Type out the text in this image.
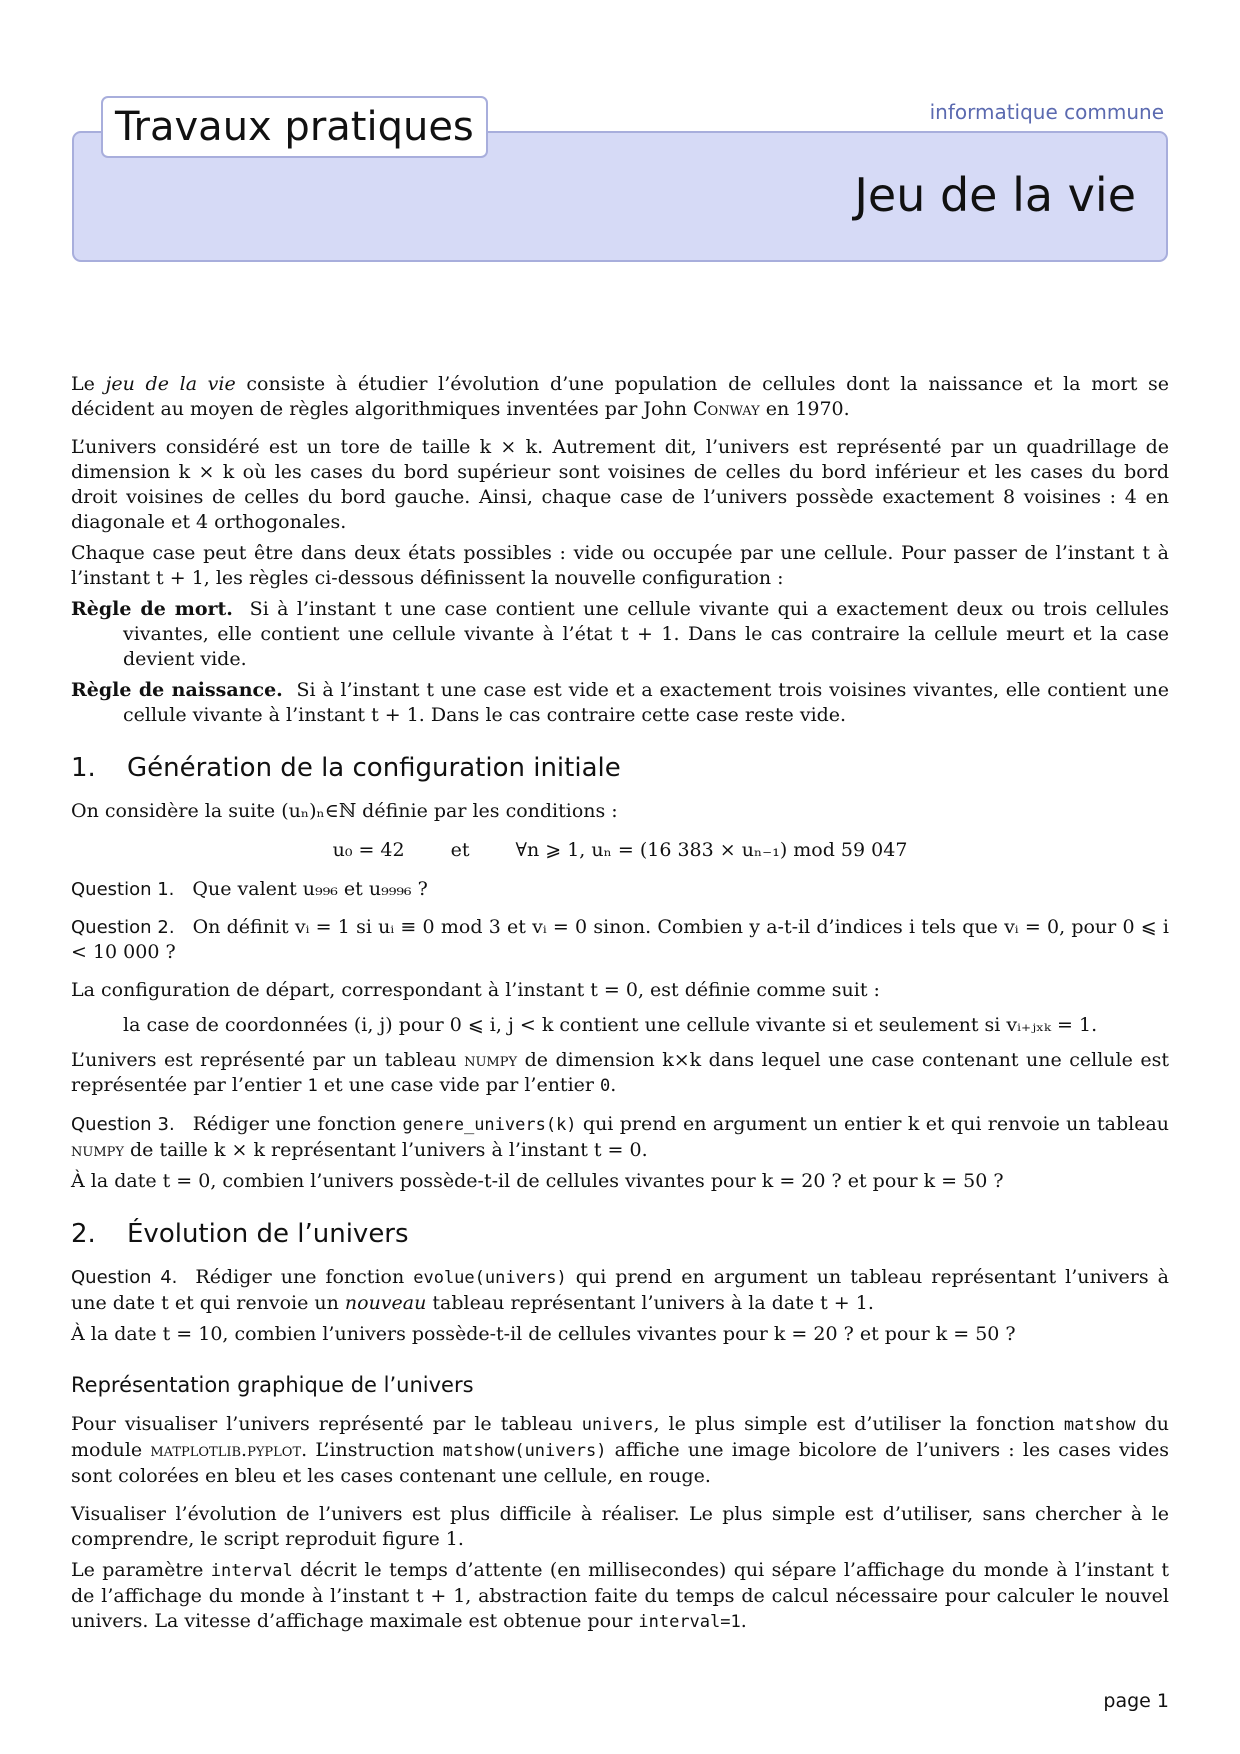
Travaux pratiques	informatique commune
Jeu de la vie

Le jeu de la vie consiste à étudier l’évolution d’une population de cellules dont la naissance et la mort se décident au moyen de règles algorithmiques inventées par John Conway en 1970.

L’univers considéré est un tore de taille k × k. Autrement dit, l’univers est représenté par un quadrillage de dimension k × k où les cases du bord supérieur sont voisines de celles du bord inférieur et les cases du bord droit voisines de celles du bord gauche. Ainsi, chaque case de l’univers possède exactement 8 voisines : 4 en diagonale et 4 orthogonales.

Chaque case peut être dans deux états possibles : vide ou occupée par une cellule. Pour passer de l’instant t à l’instant t + 1, les règles ci-dessous définissent la nouvelle configuration :

Règle de mort. Si à l’instant t une case contient une cellule vivante qui a exactement deux ou trois cellules vivantes, elle contient une cellule vivante à l’état t + 1. Dans le cas contraire la cellule meurt et la case devient vide.

Règle de naissance. Si à l’instant t une case est vide et a exactement trois voisines vivantes, elle contient une cellule vivante à l’instant t + 1. Dans le cas contraire cette case reste vide.

1. Génération de la configuration initiale

On considère la suite (uₙ)ₙ∈ℕ définie par les conditions :

u₀ = 42 et ∀n ⩾ 1, uₙ = (16 383 × uₙ₋₁) mod 59 047

Question 1. Que valent u₉₉₆ et u₉₉₉₆ ?

Question 2. On définit vᵢ = 1 si uᵢ ≡ 0 mod 3 et vᵢ = 0 sinon. Combien y a-t-il d’indices i tels que vᵢ = 0, pour 0 ⩽ i < 10 000 ?

La configuration de départ, correspondant à l’instant t = 0, est définie comme suit :

la case de coordonnées (i, j) pour 0 ⩽ i, j < k contient une cellule vivante si et seulement si vᵢ₊ⱼₓₖ = 1.

L’univers est représenté par un tableau numpy de dimension k×k dans lequel une case contenant une cellule est représentée par l’entier 1 et une case vide par l’entier 0.

Question 3. Rédiger une fonction genere_univers(k) qui prend en argument un entier k et qui renvoie un tableau numpy de taille k × k représentant l’univers à l’instant t = 0.

À la date t = 0, combien l’univers possède-t-il de cellules vivantes pour k = 20 ? et pour k = 50 ?

2. Évolution de l’univers

Question 4. Rédiger une fonction evolue(univers) qui prend en argument un tableau représentant l’univers à une date t et qui renvoie un nouveau tableau représentant l’univers à la date t + 1.

À la date t = 10, combien l’univers possède-t-il de cellules vivantes pour k = 20 ? et pour k = 50 ?

Représentation graphique de l’univers

Pour visualiser l’univers représenté par le tableau univers, le plus simple est d’utiliser la fonction matshow du module matplotlib.pyplot. L’instruction matshow(univers) affiche une image bicolore de l’univers : les cases vides sont colorées en bleu et les cases contenant une cellule, en rouge.

Visualiser l’évolution de l’univers est plus difficile à réaliser. Le plus simple est d’utiliser, sans chercher à le comprendre, le script reproduit figure 1.

Le paramètre interval décrit le temps d’attente (en millisecondes) qui sépare l’affichage du monde à l’instant t de l’affichage du monde à l’instant t + 1, abstraction faite du temps de calcul nécessaire pour calculer le nouvel univers. La vitesse d’affichage maximale est obtenue pour interval=1.

page 1
